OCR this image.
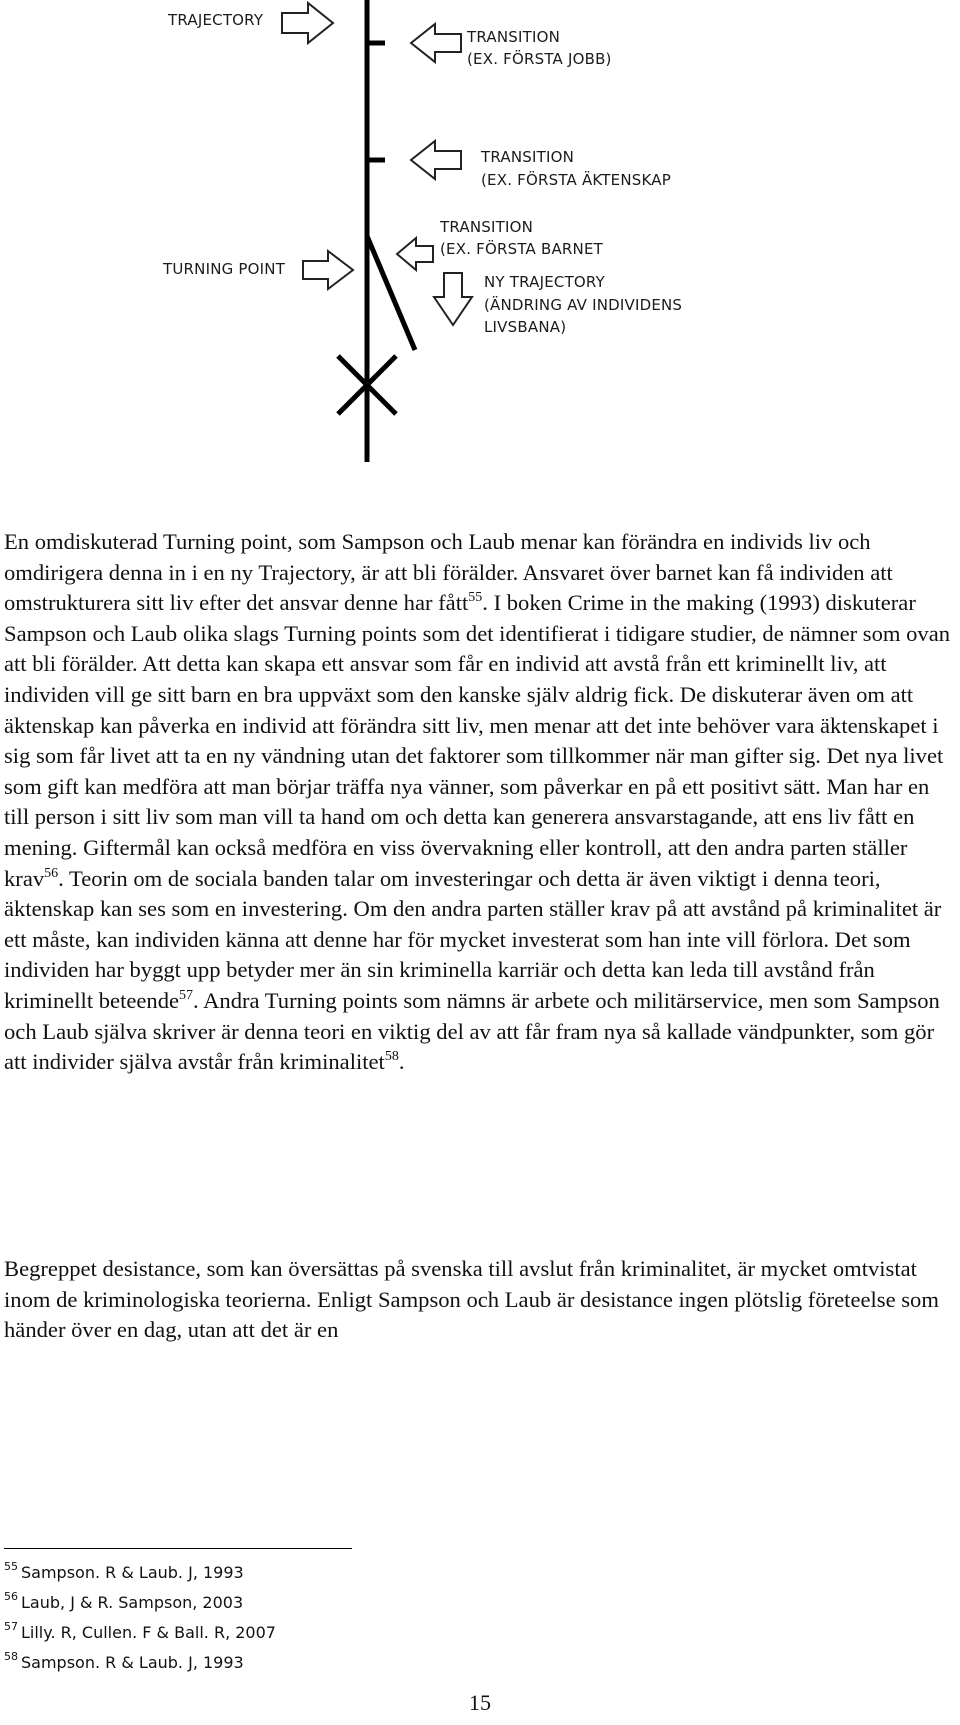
TRAJECTORY
TRANSITION
(EX. FÖRSTA JOBB)
TRANSITION
(EX. FÖRSTA ÄKTENSKAP
TRANSITION
(EX. FÖRSTA BARNET
TURNING POINT
NY TRAJECTORY
(ÄNDRING AV INDIVIDENS
LIVSBANA)

En omdiskuterad Turning point, som Sampson och Laub menar kan förändra en individs liv och omdirigera denna in i en ny Trajectory, är att bli förälder. Ansvaret över barnet kan få individen att omstrukturera sitt liv efter det ansvar denne har fått$^{55}$. I boken Crime in the making (1993) diskuterar Sampson och Laub olika slags Turning points som det identifierat i tidigare studier, de nämner som ovan att bli förälder. Att detta kan skapa ett ansvar som får en individ att avstå från ett kriminellt liv, att individen vill ge sitt barn en bra uppväxt som den kanske själv aldrig fick. De diskuterar även om att äktenskap kan påverka en individ att förändra sitt liv, men menar att det inte behöver vara äktenskapet i sig som får livet att ta en ny vändning utan det faktorer som tillkommer när man gifter sig. Det nya livet som gift kan medföra att man börjar träffa nya vänner, som påverkar en på ett positivt sätt. Man har en till person i sitt liv som man vill ta hand om och detta kan generera ansvarstagande, att ens liv fått en mening. Giftermål kan också medföra en viss övervakning eller kontroll, att den andra parten ställer krav$^{56}$. Teorin om de sociala banden talar om investeringar och detta är även viktigt i denna teori, äktenskap kan ses som en investering. Om den andra parten ställer krav på att avstånd på kriminalitet är ett måste, kan individen känna att denne har för mycket investerat som han inte vill förlora. Det som individen har byggt upp betyder mer än sin kriminella karriär och detta kan leda till avstånd från kriminellt beteende$^{57}$. Andra Turning points som nämns är arbete och militärservice, men som Sampson och Laub själva skriver är denna teori en viktig del av att får fram nya så kallade vändpunkter, som gör att individer själva avstår från kriminalitet$^{58}$.

Begreppet desistance, som kan översättas på svenska till avslut från kriminalitet, är mycket omtvistat inom de kriminologiska teorierna. Enligt Sampson och Laub är desistance ingen plötslig företeelse som händer över en dag, utan att det är en

$^{55}$ Sampson. R & Laub. J, 1993
$^{56}$ Laub, J & R. Sampson, 2003
$^{57}$ Lilly. R, Cullen. F & Ball. R, 2007
$^{58}$ Sampson. R & Laub. J, 1993
15
